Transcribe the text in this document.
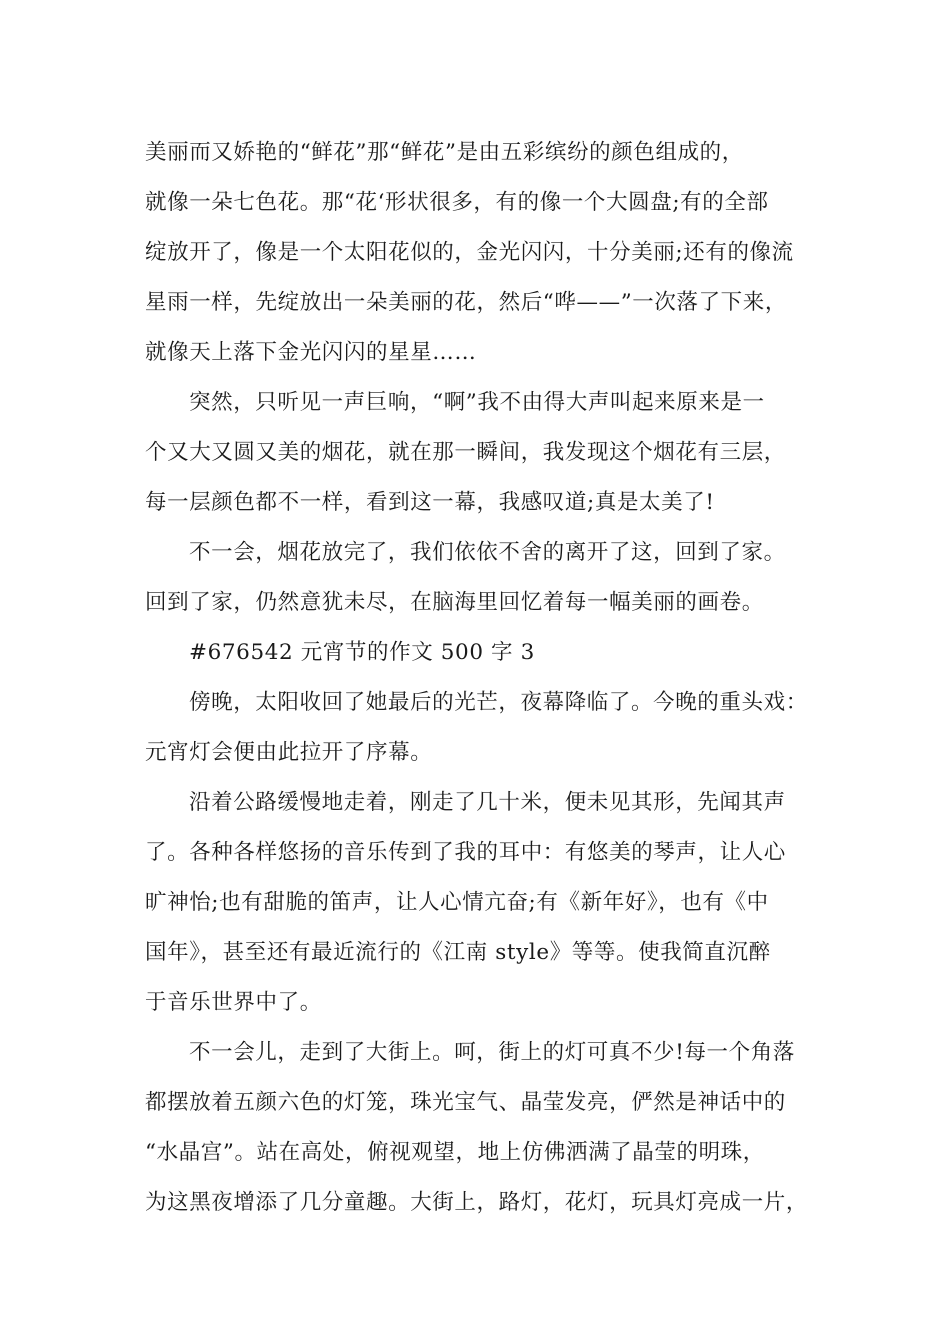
美丽而又娇艳的“鲜花”那“鲜花”是由五彩缤纷的颜色组成的，
就像一朵七色花。那“花‘形状很多，有的像一个大圆盘;有的全部
绽放开了，像是一个太阳花似的，金光闪闪，十分美丽;还有的像流
星雨一样，先绽放出一朵美丽的花，然后“哗——”一次落了下来，
就像天上落下金光闪闪的星星……
突然，只听见一声巨响，“啊”我不由得大声叫起来原来是一
个又大又圆又美的烟花，就在那一瞬间，我发现这个烟花有三层，
每一层颜色都不一样，看到这一幕，我感叹道;真是太美了!
不一会，烟花放完了，我们依依不舍的离开了这，回到了家。
回到了家，仍然意犹未尽，在脑海里回忆着每一幅美丽的画卷。
#676542 元宵节的作文 500 字 3
傍晚，太阳收回了她最后的光芒，夜幕降临了。今晚的重头戏：
元宵灯会便由此拉开了序幕。
沿着公路缓慢地走着，刚走了几十米，便未见其形，先闻其声
了。各种各样悠扬的音乐传到了我的耳中：有悠美的琴声，让人心
旷神怡;也有甜脆的笛声，让人心情亢奋;有《新年好》，也有《中
国年》，甚至还有最近流行的《江南 style》等等。使我简直沉醉
于音乐世界中了。
不一会儿，走到了大街上。呵，街上的灯可真不少!每一个角落
都摆放着五颜六色的灯笼，珠光宝气、晶莹发亮，俨然是神话中的
“水晶宫”。站在高处，俯视观望，地上仿佛洒满了晶莹的明珠，
为这黑夜增添了几分童趣。大街上，路灯，花灯，玩具灯亮成一片，
